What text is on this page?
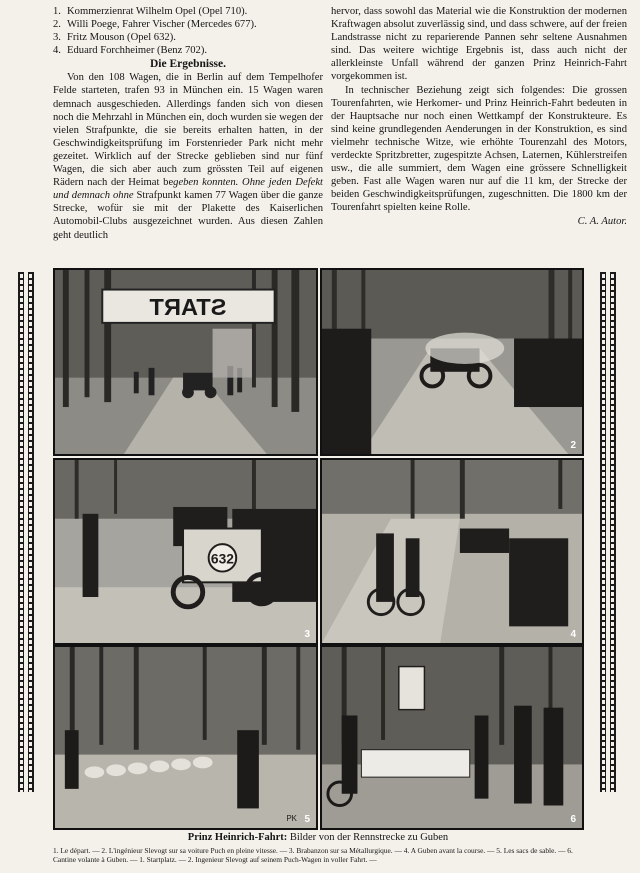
1. Kommerzienrat Wilhelm Opel (Opel 710).
2. Willi Poege, Fahrer Vischer (Mercedes 677).
3. Fritz Mouson (Opel 632).
4. Eduard Forchheimer (Benz 702).
Die Ergebnisse.

Von den 108 Wagen, die in Berlin auf dem Tempelhofer Felde starteten, trafen 93 in München ein. 15 Wagen waren demnach ausgeschieden. Allerdings fanden sich von diesen noch die Mehrzahl in München ein, doch wurden sie wegen der vielen Strafpunkte, die sie bereits erhalten hatten, in der Geschwindigkeitsprüfung im Forstenrieder Park nicht mehr gezeitet. Wirklich auf der Strecke geblieben sind nur fünf Wagen, die sich aber auch zum grössten Teil auf eigenen Rädern nach der Heimat begeben konnten. Ohne jeden Defekt und demnach ohne Strafpunkt kamen 77 Wagen über die ganze Strecke, wofür sie mit der Plakette des Kaiserlichen Automobil-Clubs ausgezeichnet wurden. Aus diesen Zahlen geht deutlich

hervor, dass sowohl das Material wie die Konstruktion der modernen Kraftwagen absolut zuverlässig sind, und dass schwere, auf der freien Landstrasse nicht zu reparierende Pannen sehr seltene Ausnahmen sind. Das weitere wichtige Ergebnis ist, dass auch nicht der allerkleinste Unfall während der ganzen Prinz Heinrich-Fahrt vorgekommen ist.

In technischer Beziehung zeigt sich folgendes: Die grossen Tourenfahrten, wie Herkomer- und Prinz Heinrich-Fahrt bedeuten in der Hauptsache nur noch einen Wettkampf der Konstrukteure. Es sind keine grundlegenden Aenderungen in der Konstruktion, es sind vielmehr technische Witze, wie erhöhte Tourenzahl des Motors, verdeckte Spritzbretter, zugespitzte Achsen, Laternen, Kühlerstreifen usw., die alle summiert, dem Wagen eine grössere Schnelligkeit geben. Fast alle Wagen waren nur auf die 11 km, der Strecke der beiden Geschwindigkeitsprüfungen, zugeschnitten. Die 1800 km der Tourenfahrt spielten keine Rolle.

C. A. Autor.
START
2
632
3	4
PK 5	6
Prinz Heinrich-Fahrt: Bilder von der Rennstrecke zu Guben
1. Le départ. — 2. L'ingénieur Slevogt sur sa voiture Puch en pleine vitesse. — 3. Brabanzon sur sa Métallurgique. — 4. A Guben avant la course. — 5. Les sacs de sable. — 6. Cantine volante à Guben. — 1. Startplatz. — 2. Ingenieur Slevogt auf seinem Puch-Wagen in voller Fahrt. —
